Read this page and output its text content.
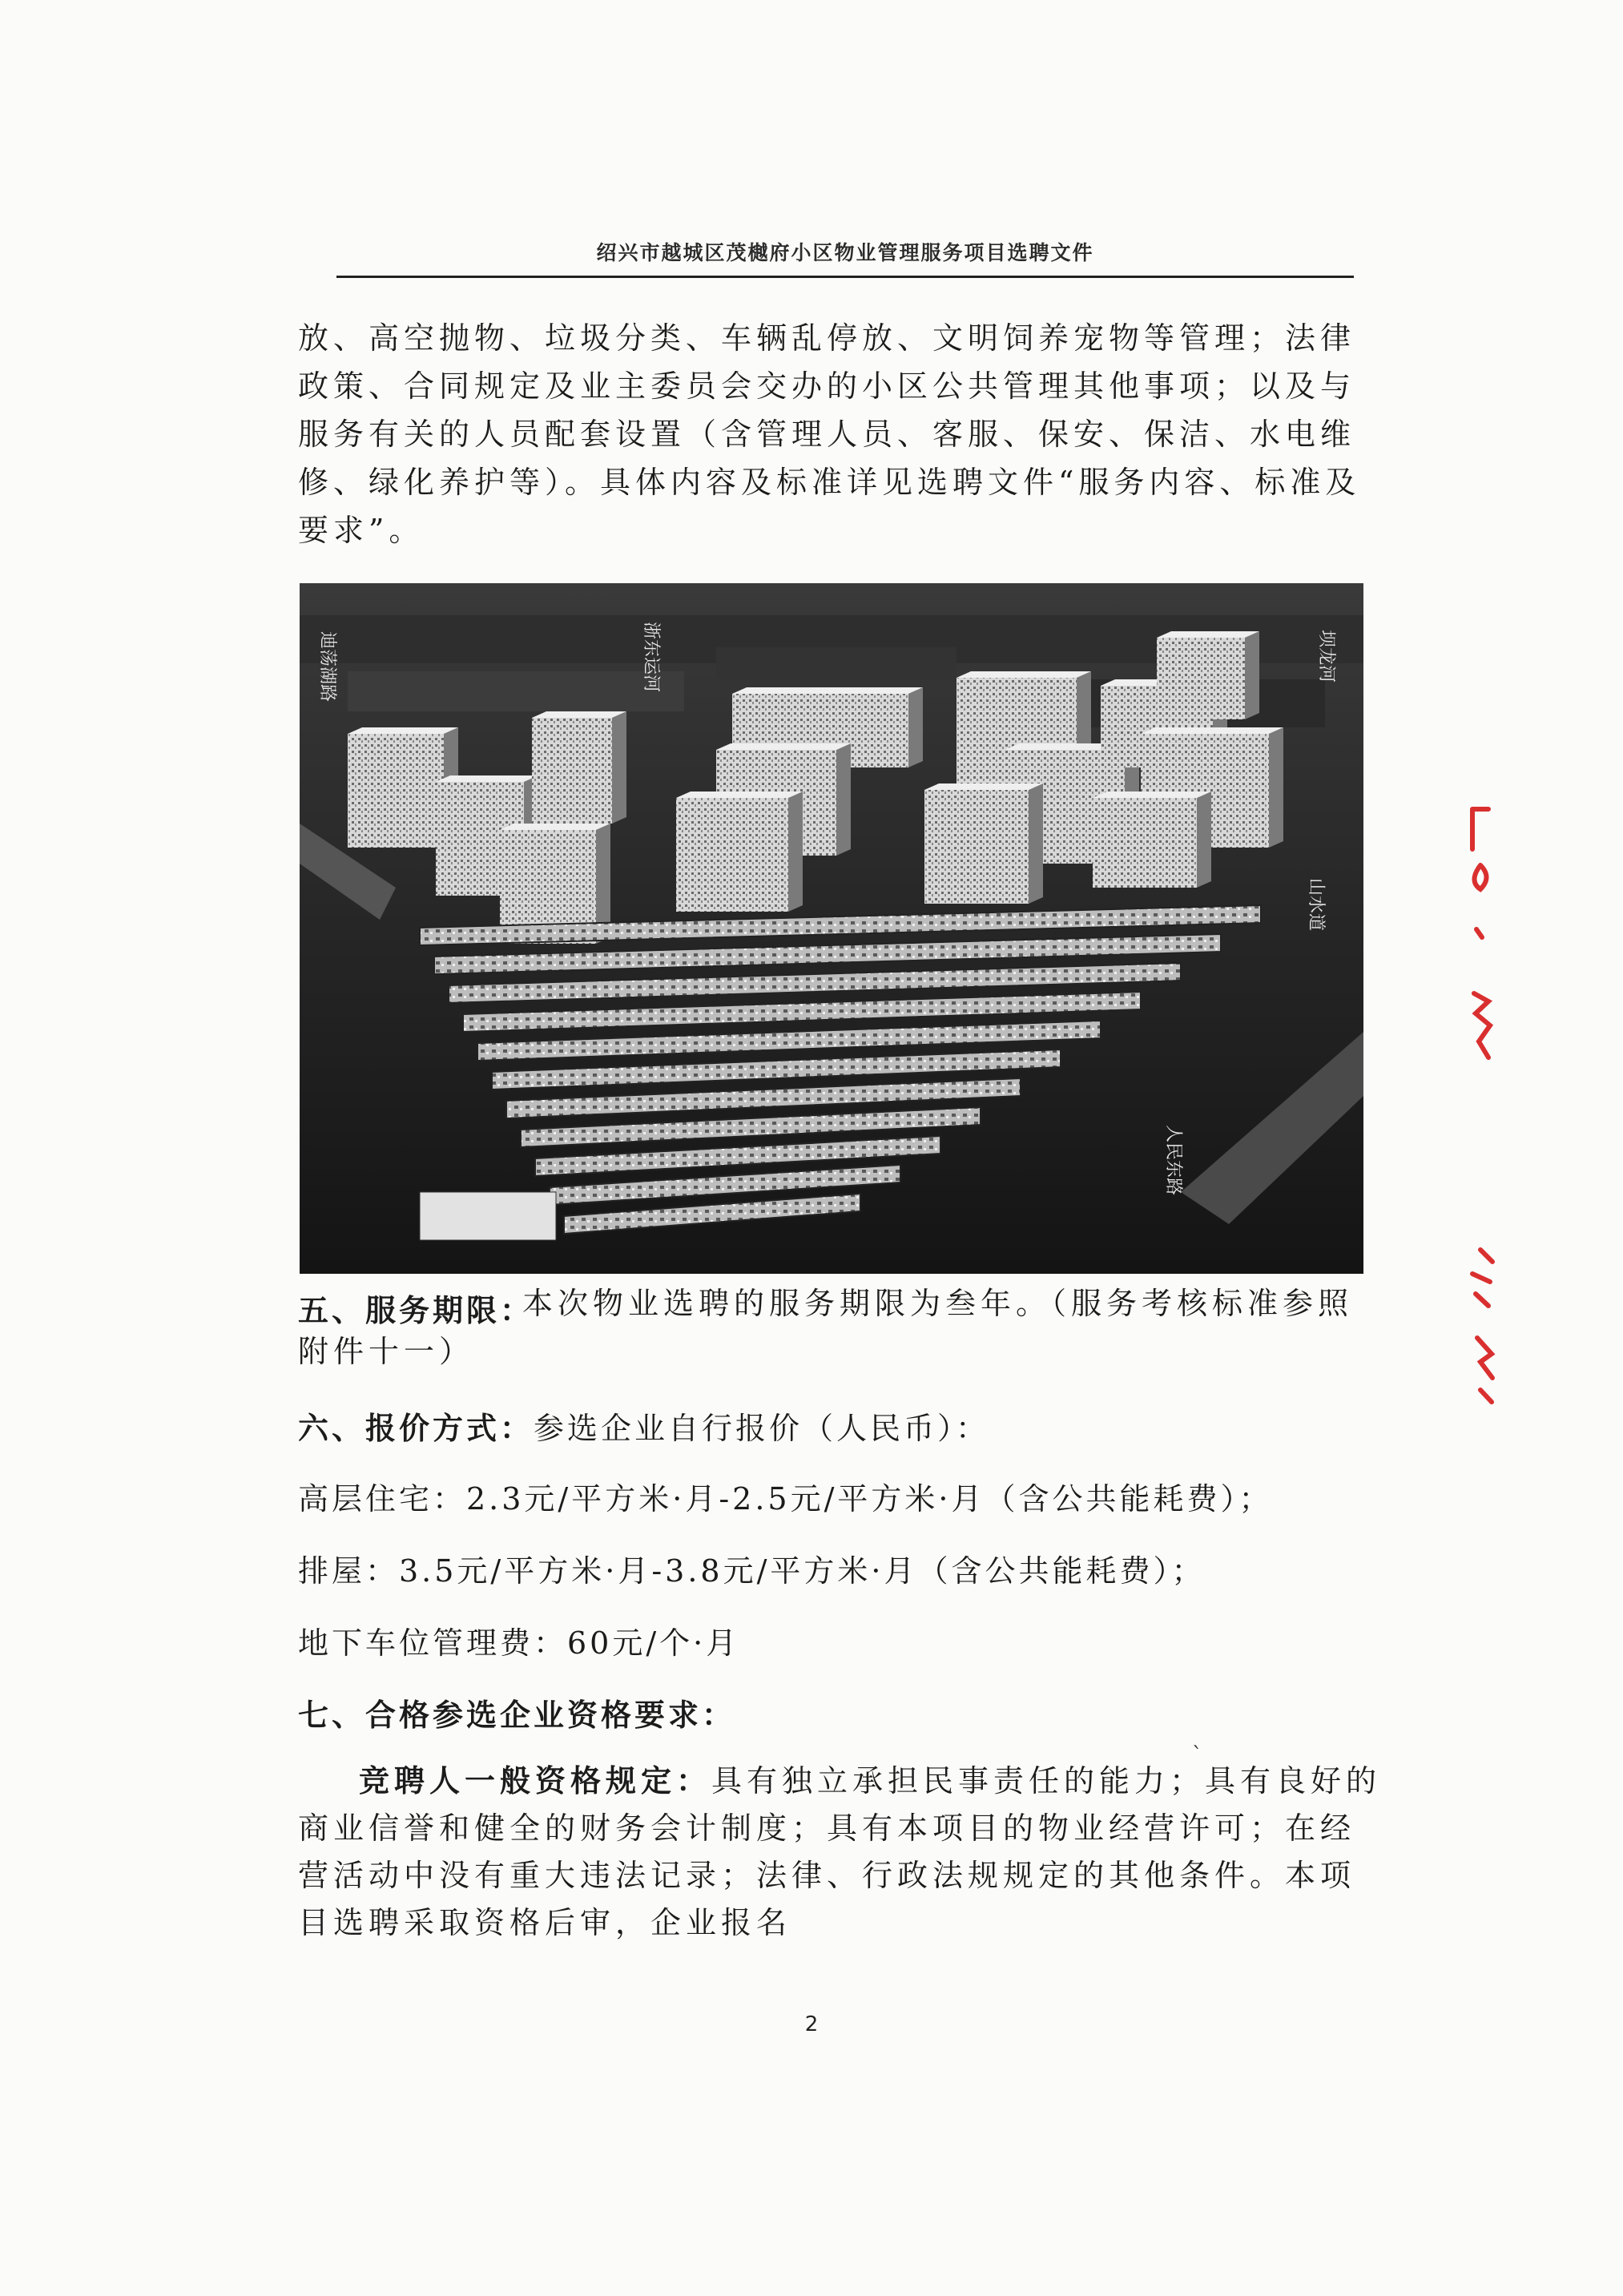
绍兴市越城区茂樾府小区物业管理服务项目选聘文件

放、高空抛物、垃圾分类、车辆乱停放、文明饲养宠物等管理；法律政策、合同规定及业主委员会交办的小区公共管理其他事项；以及与服务有关的人员配套设置（含管理人员、客服、保安、保洁、水电维修、绿化养护等）。具体内容及标准详见选聘文件“服务内容、标准及要求”。

迪荡湖路	浙东运河	坝龙河
山水道
人民东路
五、服务期限：

本次物业选聘的服务期限为叁年。（服务考核标准参照附件十一）

六、报价方式：参选企业自行报价（人民币）：
高层住宅：2.3元/平方米·月-2.5元/平方米·月（含公共能耗费）；
排屋：3.5元/平方米·月-3.8元/平方米·月（含公共能耗费）；
地下车位管理费：60元/个·月
七、合格参选企业资格要求：
ˋ

竞聘人一般资格规定：具有独立承担民事责任的能力；具有良好的商业信誉和健全的财务会计制度；具有本项目的物业经营许可；在经营活动中没有重大违法记录；法律、行政法规规定的其他条件。本项目选聘采取资格后审，企业报名

2
